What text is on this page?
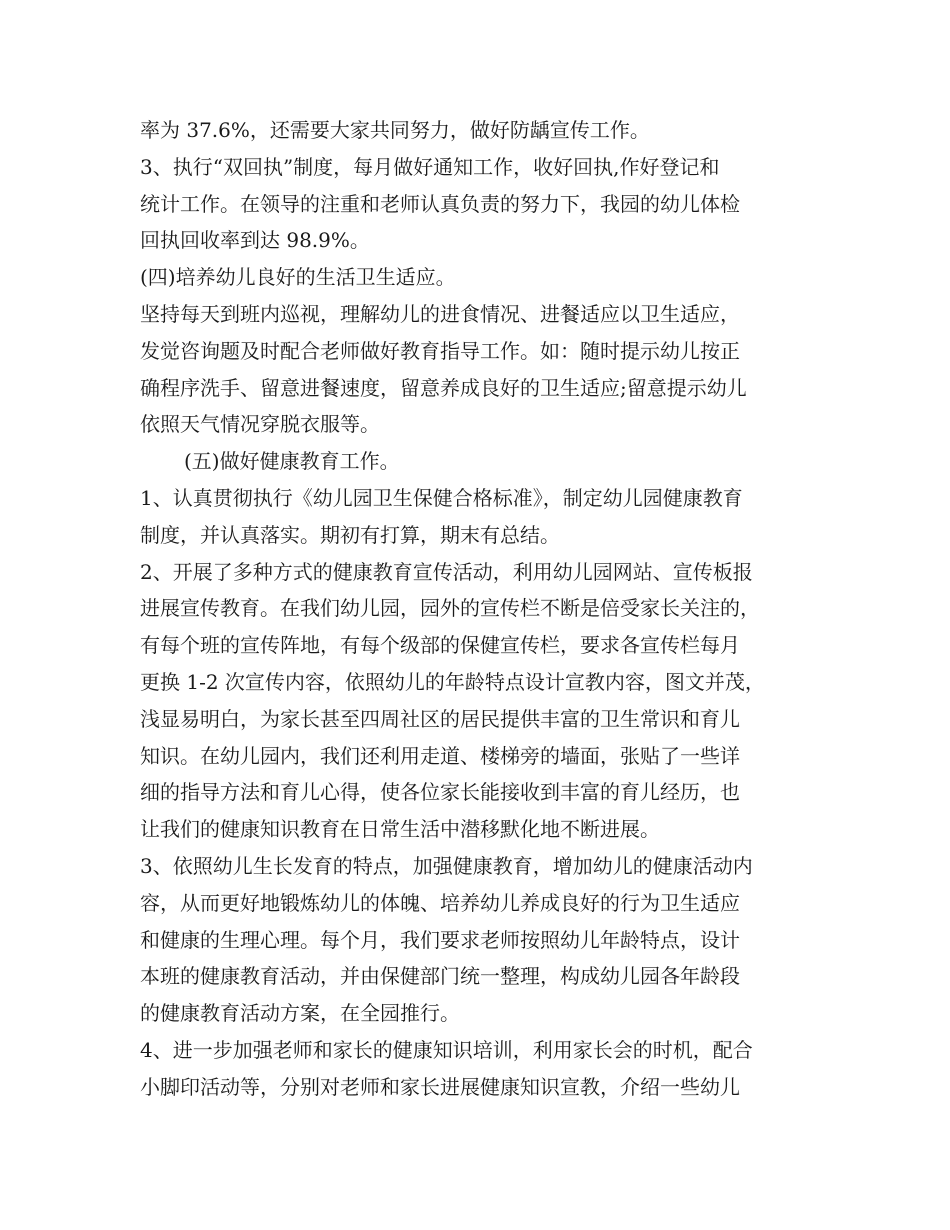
率为 37.6%，还需要大家共同努力，做好防龋宣传工作。
3、执行“双回执”制度，每月做好通知工作，收好回执,作好登记和
统计工作。在领导的注重和老师认真负责的努力下，我园的幼儿体检
回执回收率到达 98.9%。
(四)培养幼儿良好的生活卫生适应。
坚持每天到班内巡视，理解幼儿的进食情况、进餐适应以卫生适应，
发觉咨询题及时配合老师做好教育指导工作。如：随时提示幼儿按正
确程序洗手、留意进餐速度，留意养成良好的卫生适应;留意提示幼儿
依照天气情况穿脱衣服等。
(五)做好健康教育工作。
1、认真贯彻执行《幼儿园卫生保健合格标准》，制定幼儿园健康教育
制度，并认真落实。期初有打算，期末有总结。
2、开展了多种方式的健康教育宣传活动，利用幼儿园网站、宣传板报
进展宣传教育。在我们幼儿园，园外的宣传栏不断是倍受家长关注的，
有每个班的宣传阵地，有每个级部的保健宣传栏，要求各宣传栏每月
更换 1-2 次宣传内容，依照幼儿的年龄特点设计宣教内容，图文并茂，
浅显易明白，为家长甚至四周社区的居民提供丰富的卫生常识和育儿
知识。在幼儿园内，我们还利用走道、楼梯旁的墙面，张贴了一些详
细的指导方法和育儿心得，使各位家长能接收到丰富的育儿经历，也
让我们的健康知识教育在日常生活中潜移默化地不断进展。
3、依照幼儿生长发育的特点，加强健康教育，增加幼儿的健康活动内
容，从而更好地锻炼幼儿的体魄、培养幼儿养成良好的行为卫生适应
和健康的生理心理。每个月，我们要求老师按照幼儿年龄特点，设计
本班的健康教育活动，并由保健部门统一整理，构成幼儿园各年龄段
的健康教育活动方案，在全园推行。
4、进一步加强老师和家长的健康知识培训，利用家长会的时机，配合
小脚印活动等，分别对老师和家长进展健康知识宣教，介绍一些幼儿
